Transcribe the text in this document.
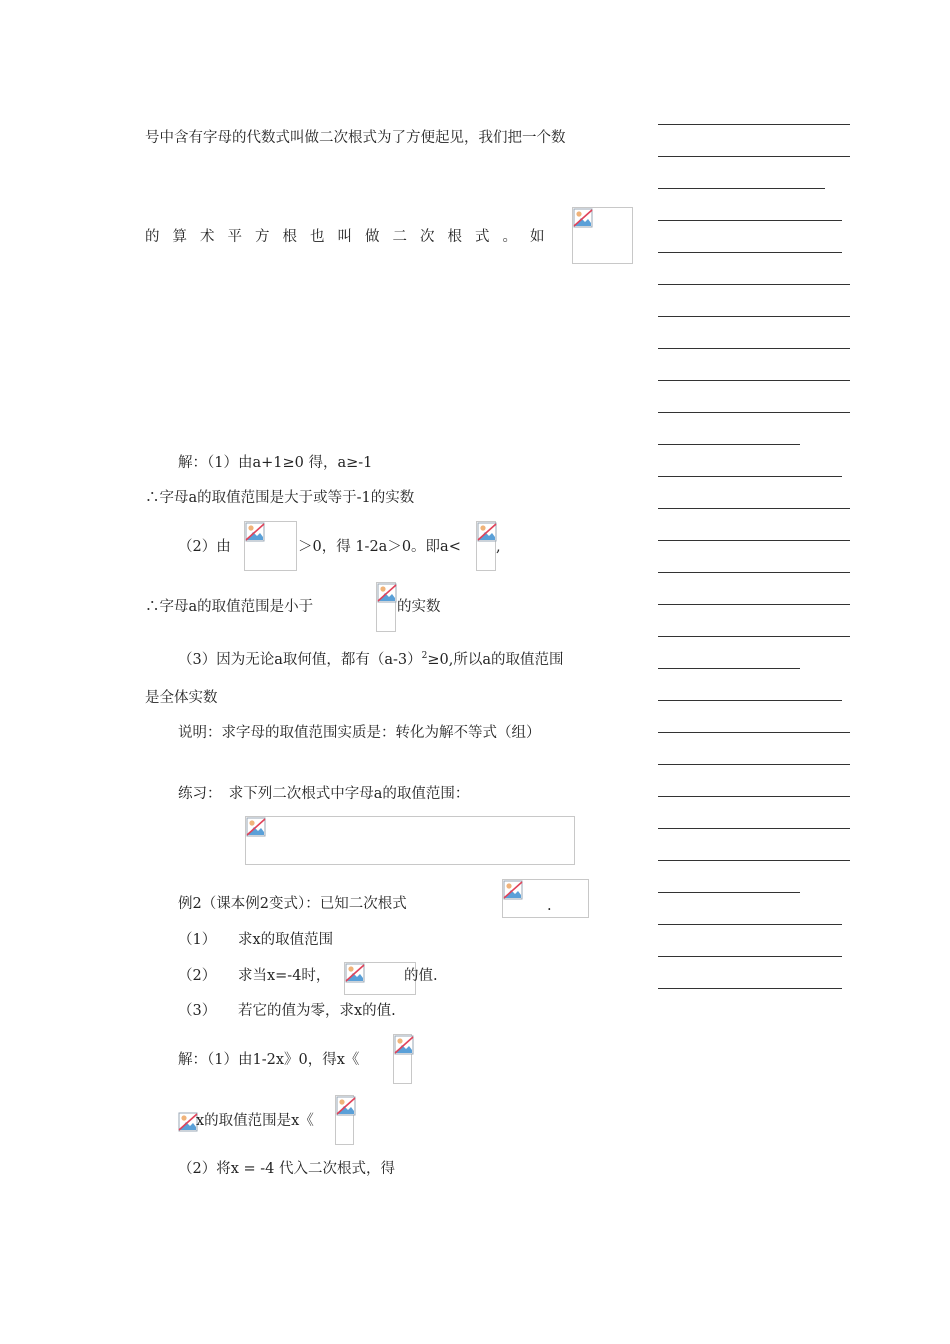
号中含有字母的代数式叫做二次根式为了方便起见，我们把一个数
的算术平方根也叫做二次根式。如
解：（1）由a+1≥0 得，a≥-1
∴字母a的取值范围是大于或等于-1的实数
（2）由	＞0，得 1-2a＞0。即a< ,
∴字母a的取值范围是小于	的实数
（3）因为无论a取何值，都有$(a-3)^2\ge 0$,所以a的取值范围
是全体实数
说明：求字母的取值范围实质是：转化为解不等式（组）
练习：　求下列二次根式中字母a的取值范围：
例2（课本例2变式）：已知二次根式	.
（1）　　求x的取值范围
（2）　　求当x=-4时，	的值.
（3）　　若它的值为零，求x的值.
解：（1）由1-2x》0，得x《
x的取值范围是x《
（2）将x = -4 代入二次根式，得
